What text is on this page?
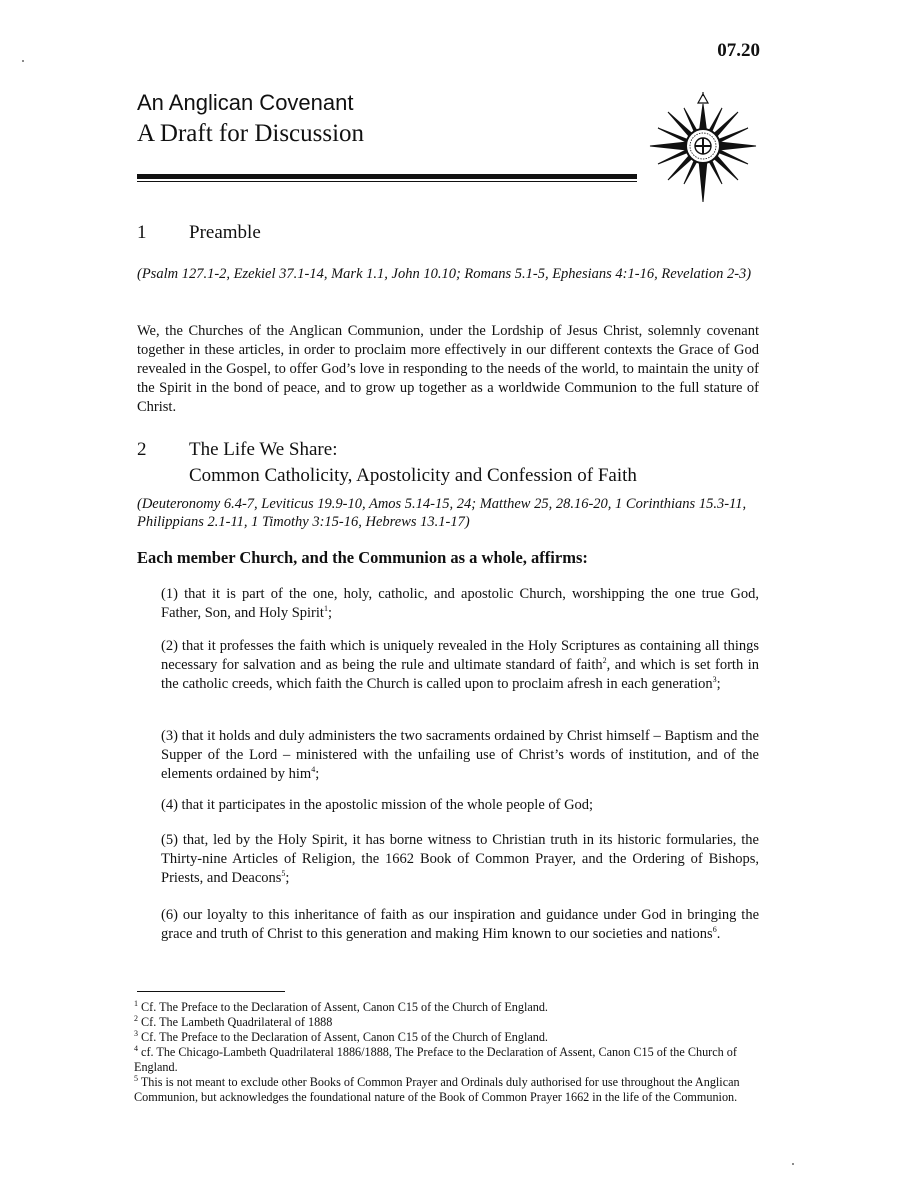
07.20
An Anglican Covenant
A Draft for Discussion
1 Preamble
(Psalm 127.1-2, Ezekiel 37.1-14, Mark 1.1, John 10.10; Romans 5.1-5, Ephesians 4:1-16, Revelation 2-3)
We, the Churches of the Anglican Communion, under the Lordship of Jesus Christ, solemnly covenant together in these articles, in order to proclaim more effectively in our different contexts the Grace of God revealed in the Gospel, to offer God’s love in responding to the needs of the world, to maintain the unity of the Spirit in the bond of peace, and to grow up together as a worldwide Communion to the full stature of Christ.
2 The Life We Share:
Common Catholicity, Apostolicity and Confession of Faith
(Deuteronomy 6.4-7, Leviticus 19.9-10, Amos 5.14-15, 24; Matthew 25, 28.16-20, 1 Corinthians 15.3-11, Philippians 2.1-11, 1 Timothy 3:15-16, Hebrews 13.1-17)
Each member Church, and the Communion as a whole, affirms:
(1) that it is part of the one, holy, catholic, and apostolic Church, worshipping the one true God, Father, Son, and Holy Spirit$^1$;
(2) that it professes the faith which is uniquely revealed in the Holy Scriptures as containing all things necessary for salvation and as being the rule and ultimate standard of faith$^2$, and which is set forth in the catholic creeds, which faith the Church is called upon to proclaim afresh in each generation$^3$;
(3) that it holds and duly administers the two sacraments ordained by Christ himself – Baptism and the Supper of the Lord – ministered with the unfailing use of Christ’s words of institution, and of the elements ordained by him$^4$;
(4) that it participates in the apostolic mission of the whole people of God;
(5) that, led by the Holy Spirit, it has borne witness to Christian truth in its historic formularies, the Thirty-nine Articles of Religion, the 1662 Book of Common Prayer, and the Ordering of Bishops, Priests, and Deacons$^5$;
(6) our loyalty to this inheritance of faith as our inspiration and guidance under God in bringing the grace and truth of Christ to this generation and making Him known to our societies and nations$^6$.
$^1$ Cf. The Preface to the Declaration of Assent, Canon C15 of the Church of England.
$^2$ Cf. The Lambeth Quadrilateral of 1888
$^3$ Cf. The Preface to the Declaration of Assent, Canon C15 of the Church of England.
$^4$ cf. The Chicago-Lambeth Quadrilateral 1886/1888, The Preface to the Declaration of Assent, Canon C15 of the Church of England.
$^5$ This is not meant to exclude other Books of Common Prayer and Ordinals duly authorised for use throughout the Anglican Communion, but acknowledges the foundational nature of the Book of Common Prayer 1662 in the life of the Communion.
